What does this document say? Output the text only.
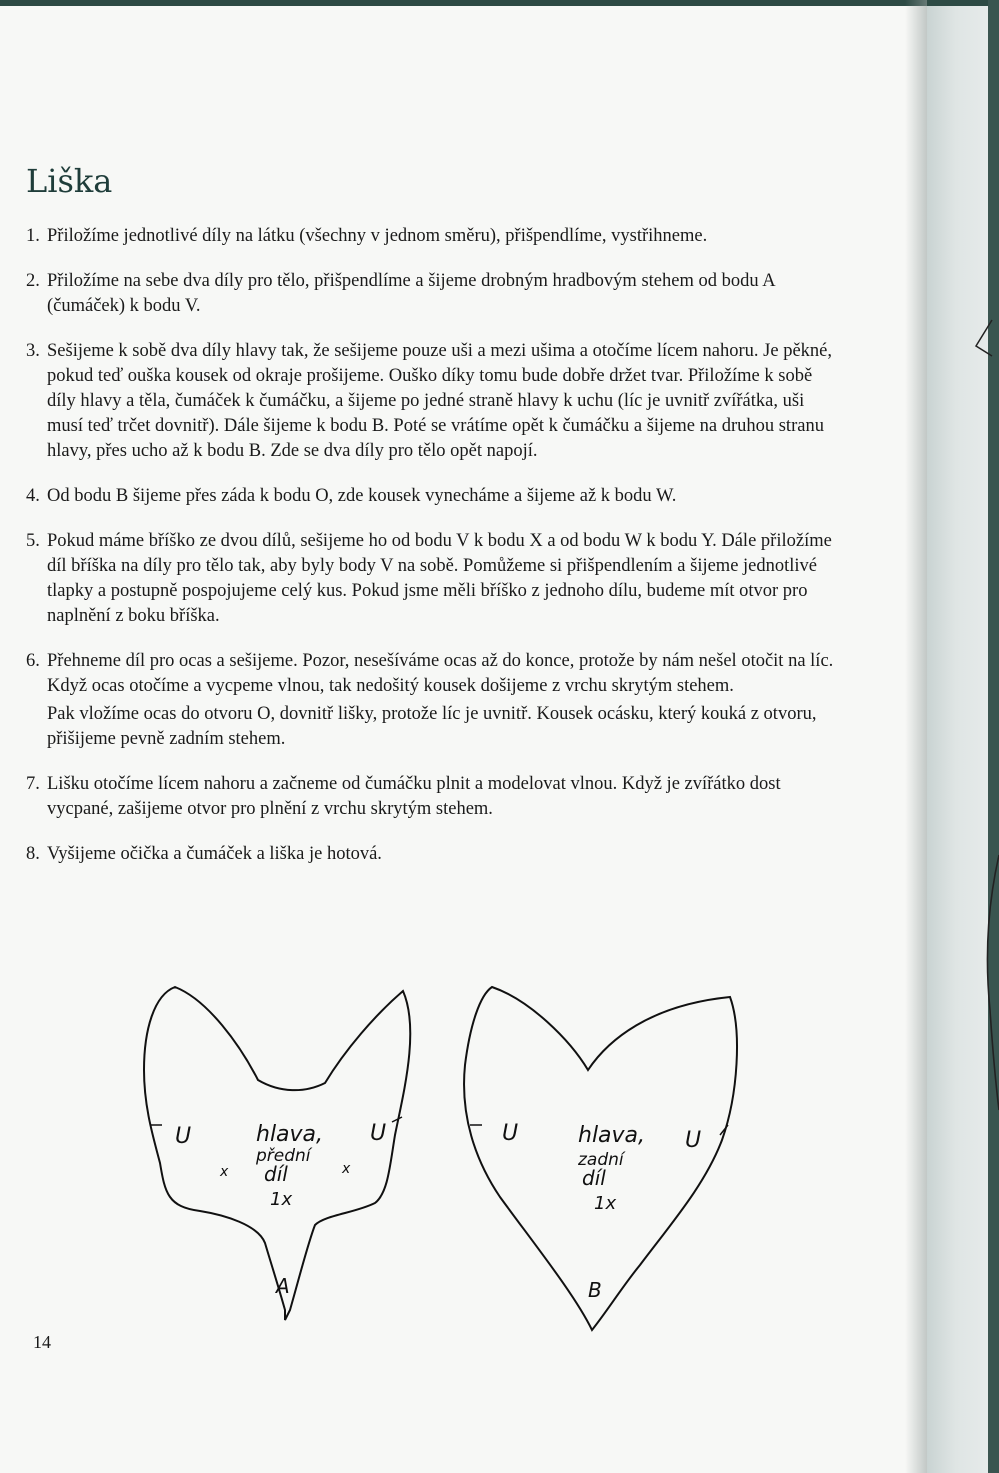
Liška
1. Přiložíme jednotlivé díly na látku (všechny v jednom směru), přišpendlíme, vystřihneme.
2. Přiložíme na sebe dva díly pro tělo, přišpendlíme a šijeme drobným hradbovým stehem od bodu A (čumáček) k bodu V.
3. Sešijeme k sobě dva díly hlavy tak, že sešijeme pouze uši a mezi ušima a otočíme lícem nahoru. Je pěkné, pokud teď ouška kousek od okraje prošijeme. Ouško díky tomu bude dobře držet tvar. Přiložíme k sobě díly hlavy a těla, čumáček k čumáčku, a šijeme po jedné straně hlavy k uchu (líc je uvnitř zvířátka, uši musí teď trčet dovnitř). Dále šijeme k bodu B. Poté se vrátíme opět k čumáčku a šijeme na druhou stranu hlavy, přes ucho až k bodu B. Zde se dva díly pro tělo opět napojí.
4. Od bodu B šijeme přes záda k bodu O, zde kousek vynecháme a šijeme až k bodu W.
5. Pokud máme bříško ze dvou dílů, sešijeme ho od bodu V k bodu X a od bodu W k bodu Y. Dále přiložíme díl bříška na díly pro tělo tak, aby byly body V na sobě. Pomůžeme si přišpendlením a šijeme jednotlivé tlapky a postupně pospojujeme celý kus. Pokud jsme měli bříško z jednoho dílu, budeme mít otvor pro naplnění z boku bříška.
6. Přehneme díl pro ocas a sešijeme. Pozor, nesešíváme ocas až do konce, protože by nám nešel otočit na líc. Když ocas otočíme a vycpeme vlnou, tak nedošitý kousek došijeme z vrchu skrytým stehem.
Pak vložíme ocas do otvoru O, dovnitř lišky, protože líc je uvnitř. Kousek ocásku, který kouká z otvoru, přišijeme pevně zadním stehem.
7. Lišku otočíme lícem nahoru a začneme od čumáčku plnit a modelovat vlnou. Když je zvířátko dost vycpané, zašijeme otvor pro plnění z vrchu skrytým stehem.
8. Vyšijeme očička a čumáček a liška je hotová.
U	U
x	x
hlava,
přední
díl
1x
A
U	U
hlava,
zadní
díl
1x
B
14
